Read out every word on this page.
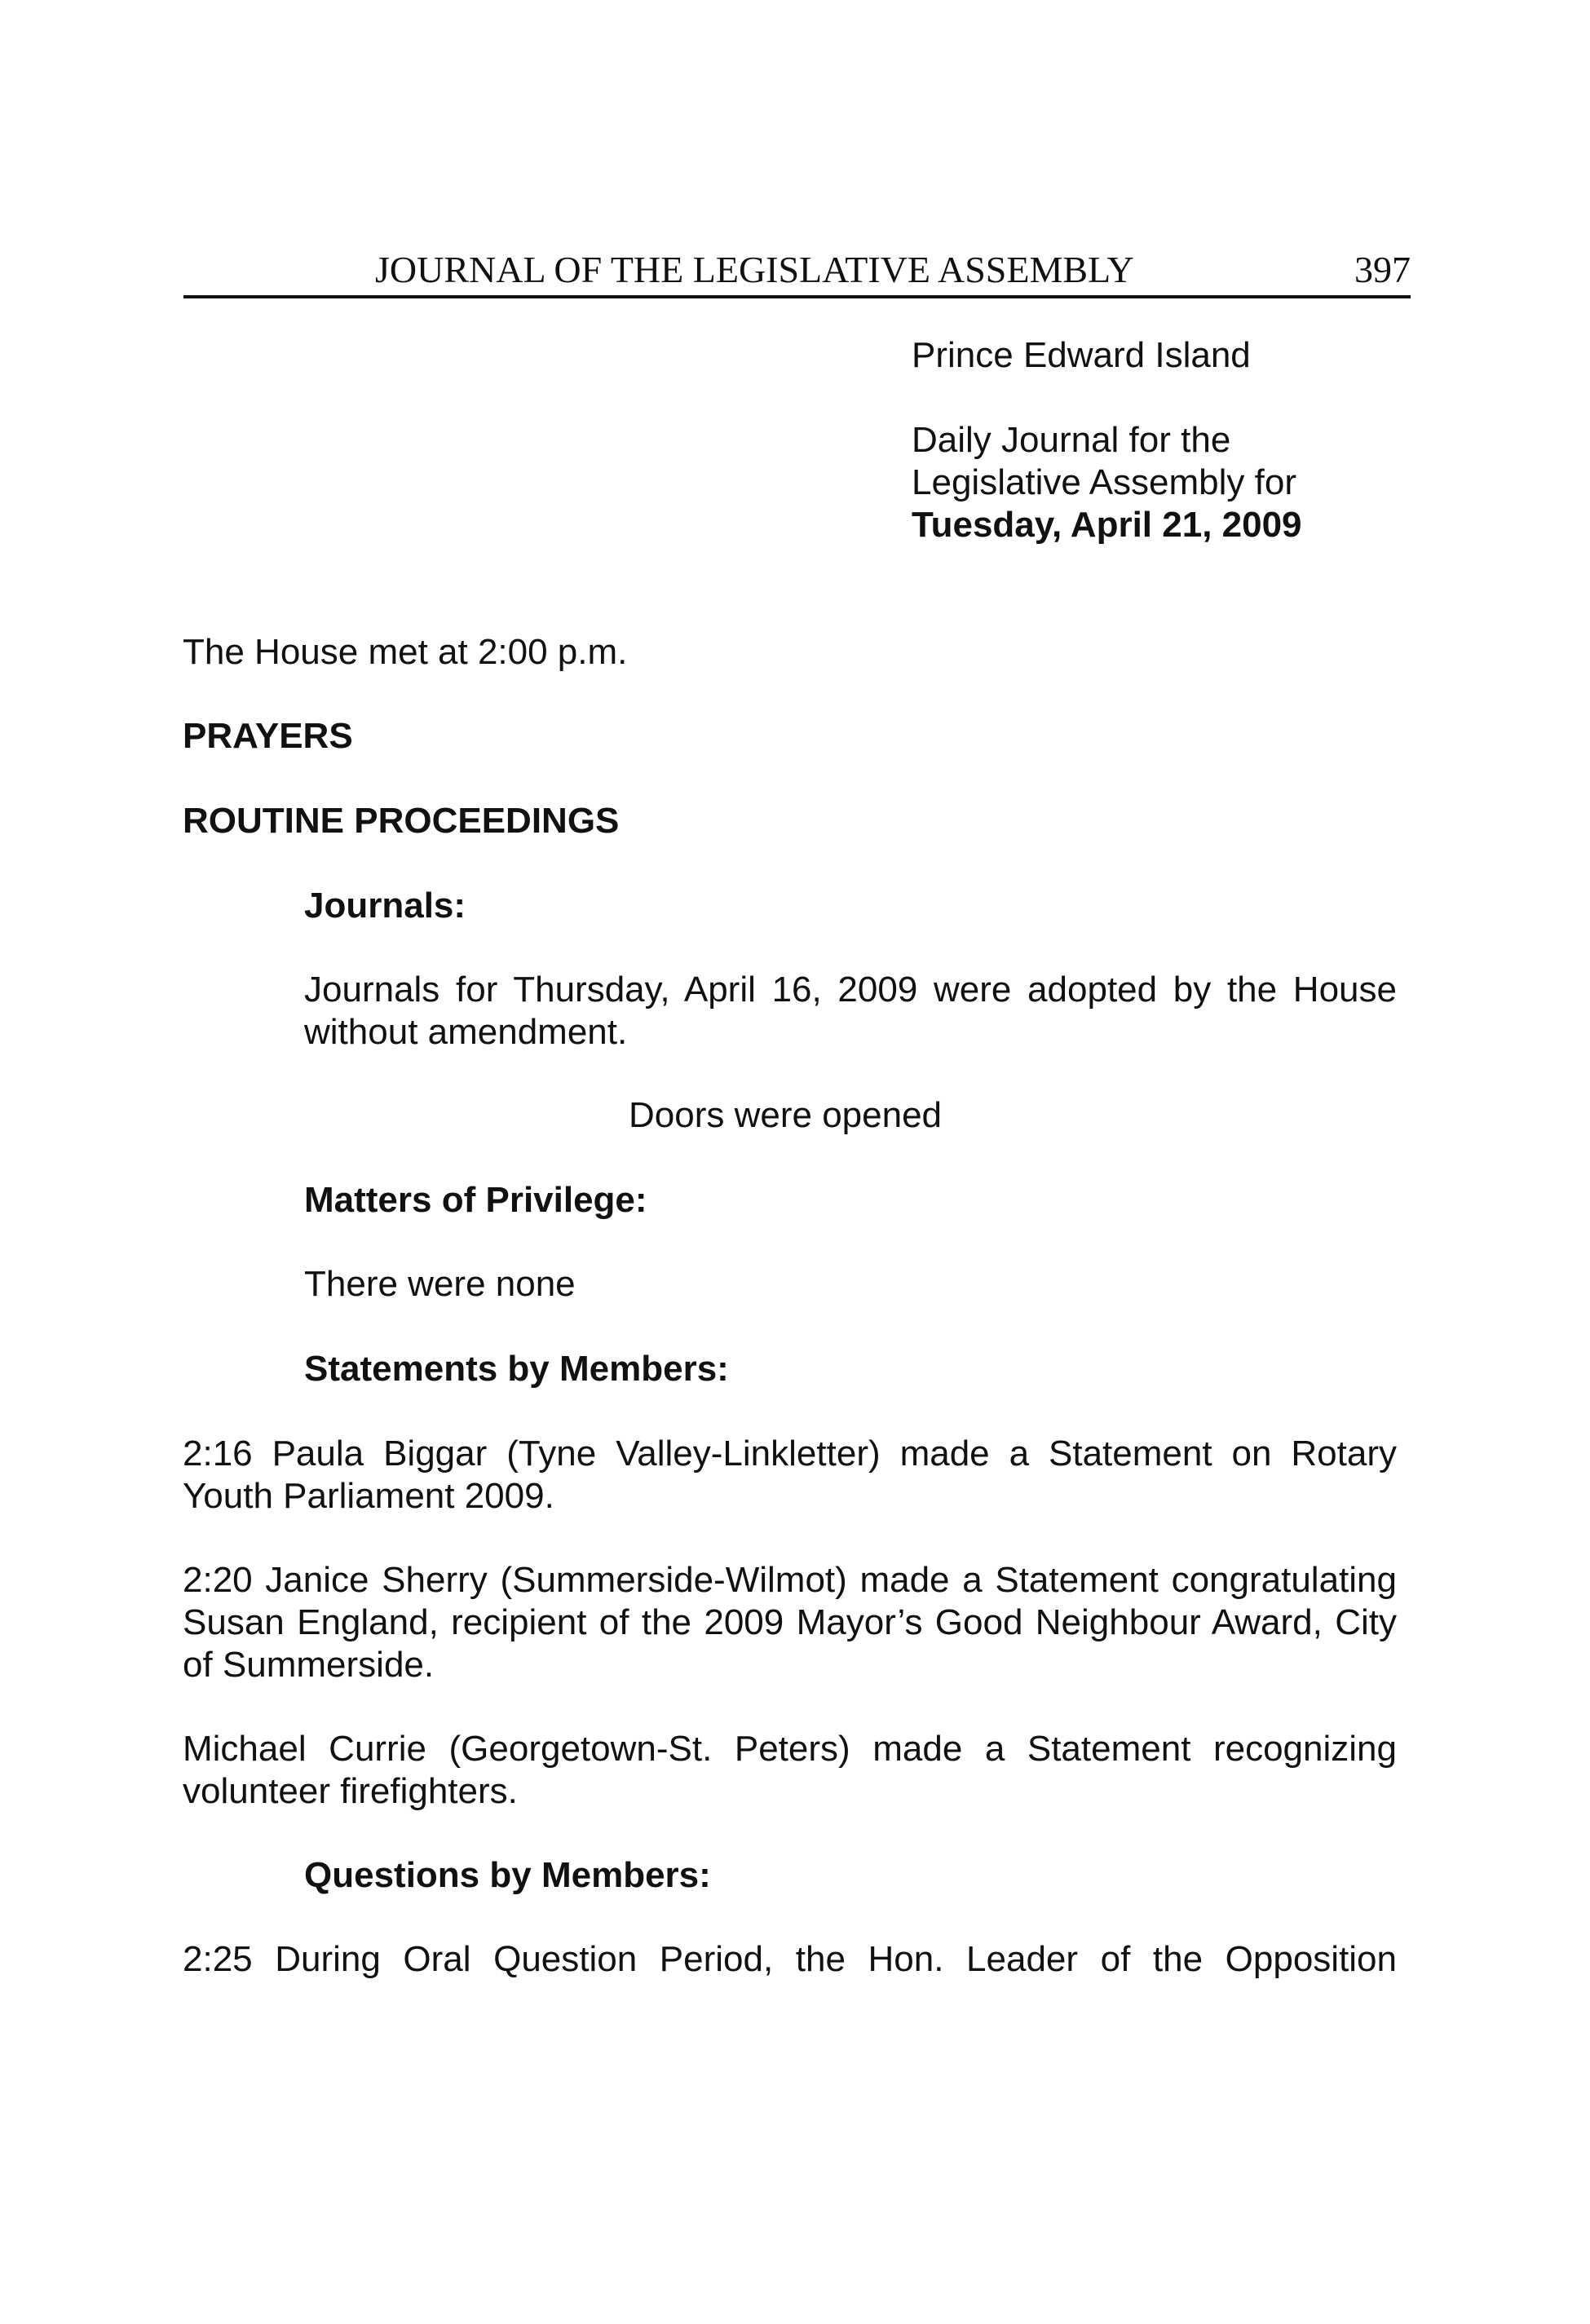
JOURNAL OF THE LEGISLATIVE ASSEMBLY	397
Prince Edward Island
Daily Journal for the
Legislative Assembly for
Tuesday, April 21, 2009
The House met at 2:00 p.m.
PRAYERS
ROUTINE PROCEEDINGS
Journals:
Journals for Thursday, April 16, 2009 were adopted by the House
without amendment.
Doors were opened
Matters of Privilege:
There were none
Statements by Members:
2:16 Paula Biggar (Tyne Valley-Linkletter) made a Statement on Rotary
Youth Parliament 2009.
2:20 Janice Sherry (Summerside-Wilmot) made a Statement congratulating
Susan England, recipient of the 2009 Mayor’s Good Neighbour Award, City
of Summerside.
Michael Currie (Georgetown-St. Peters) made a Statement recognizing
volunteer firefighters.
Questions by Members:
2:25 During Oral Question Period, the Hon. Leader of the Opposition
